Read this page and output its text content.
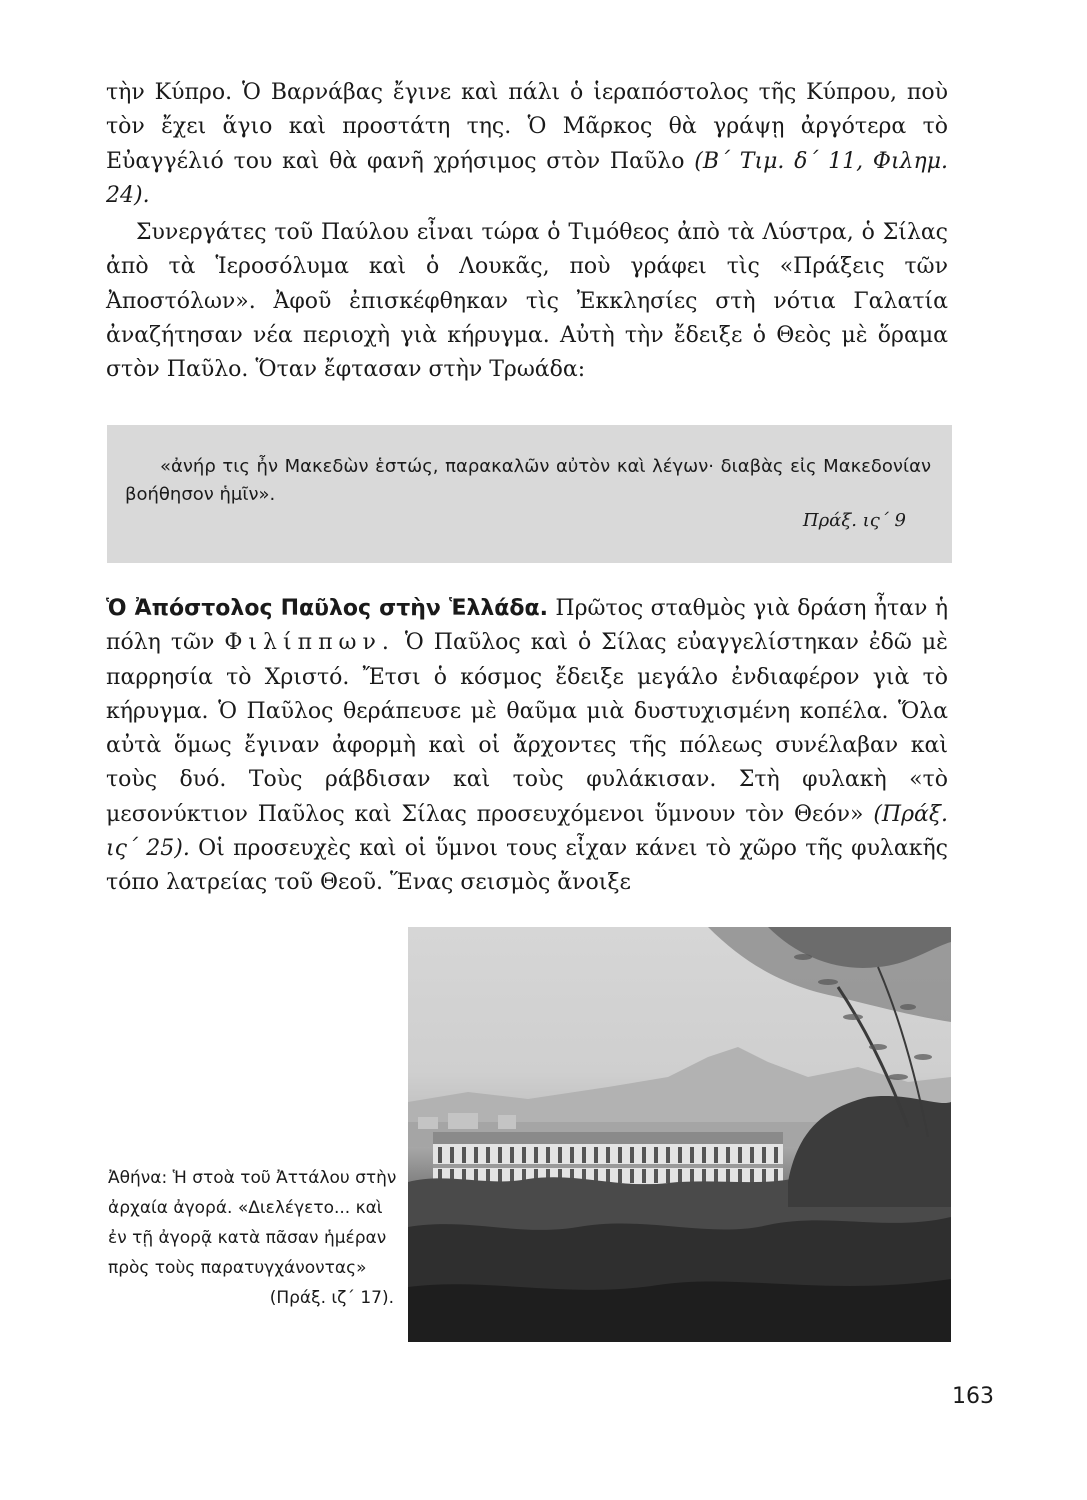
τὴν Κύπρο. Ὁ Βαρνάβας ἔγινε καὶ πάλι ὁ ἱεραπόστολος τῆς Κύπρου, ποὺ τὸν ἔχει ἅγιο καὶ προστάτη της. Ὁ Μᾶρκος θὰ γράψῃ ἀργότερα τὸ Εὐαγγέλιό του καὶ θὰ φανῆ χρήσιμος στὸν Παῦλο (Β΄ Τιμ. δ΄ 11, Φιλημ. 24).

Συνεργάτες τοῦ Παύλου εἶναι τώρα ὁ Τιμόθεος ἀπὸ τὰ Λύστρα, ὁ Σίλας ἀπὸ τὰ Ἱεροσόλυμα καὶ ὁ Λουκᾶς, ποὺ γράφει τὶς «Πράξεις τῶν Ἀποστόλων». Ἀφοῦ ἐπισκέφθηκαν τὶς Ἐκκλησίες στὴ νότια Γαλατία ἀναζήτησαν νέα περιοχὴ γιὰ κήρυγμα. Αὐτὴ τὴν ἔδειξε ὁ Θεὸς μὲ ὅραμα στὸν Παῦλο. Ὅταν ἔφτασαν στὴν Τρωάδα:

«ἀνήρ τις ἦν Μακεδὼν ἑστώς, παρακαλῶν αὐτὸν καὶ λέγων· διαβὰς εἰς Μακεδονίαν βοήθησον ἡμῖν».

Πράξ. ις΄ 9

Ὁ Ἀπόστολος Παῦλος στὴν Ἑλλάδα. Πρῶτος σταθμὸς γιὰ δράση ἦταν ἡ πόλη τῶν Φιλίππων. Ὁ Παῦλος καὶ ὁ Σίλας εὐαγγελίστηκαν ἐδῶ μὲ παρρησία τὸ Χριστό. Ἔτσι ὁ κόσμος ἔδειξε μεγάλο ἐνδιαφέρον γιὰ τὸ κήρυγμα. Ὁ Παῦλος θεράπευσε μὲ θαῦμα μιὰ δυστυχισμένη κοπέλα. Ὅλα αὐτὰ ὅμως ἔγιναν ἀφορμὴ καὶ οἱ ἄρχοντες τῆς πόλεως συνέλαβαν καὶ τοὺς δυό. Τοὺς ράβδισαν καὶ τοὺς φυλάκισαν. Στὴ φυλακὴ «τὸ μεσονύκτιον Παῦλος καὶ Σίλας προσευχόμενοι ὕμνουν τὸν Θεόν» (Πράξ. ις΄ 25). Οἱ προσευχὲς καὶ οἱ ὕμνοι τους εἶχαν κάνει τὸ χῶρο τῆς φυλακῆς τόπο λατρείας τοῦ Θεοῦ. Ἕνας σεισμὸς ἄνοιξε

Ἀθήνα: Ἡ στοὰ τοῦ Ἀττάλου στὴν ἀρχαία ἀγορά. «Διελέγετο... καὶ ἐν τῇ ἀγορᾷ κατὰ πᾶσαν ἡμέραν πρὸς τοὺς παρατυγχάνοντας»
(Πράξ. ιζ΄ 17).

163
